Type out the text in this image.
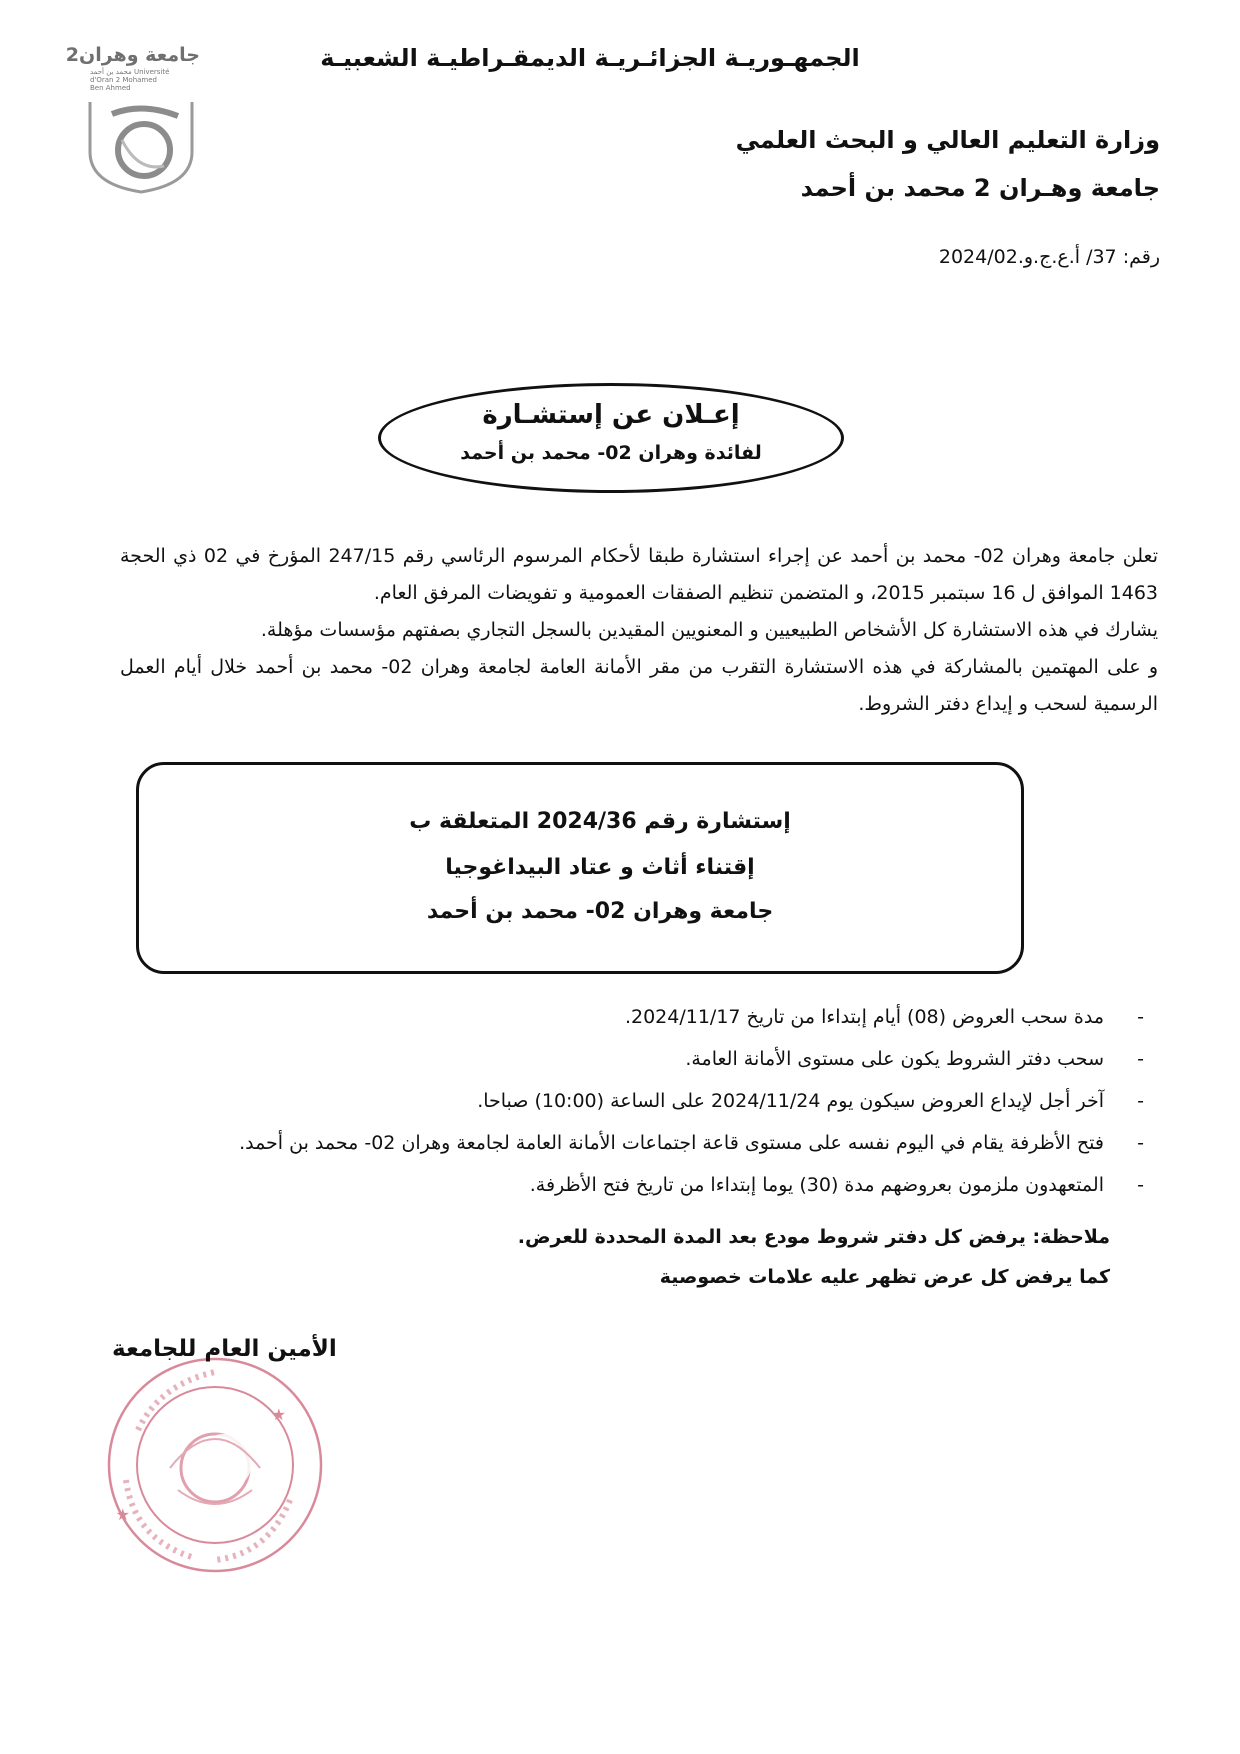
جامعة وهران2
محمد بن أحمد Université d'Oran 2 Mohamed Ben Ahmed
الجمهـوريـة الجزائـريـة الديمقـراطيـة الشعبيـة
وزارة التعليم العالي و البحث العلمي
جامعة وهـران 2 محمد بن أحمد
رقم: 37/ أ.ع.ج.و.2024/02
إعـلان عن إستشـارة
لفائدة وهران 02- محمد بن أحمد

تعلن جامعة وهران 02- محمد بن أحمد عن إجراء استشارة طبقا لأحكام المرسوم الرئاسي رقم 247/15 المؤرخ في 02 ذي الحجة 1463 الموافق ل 16 سبتمبر 2015، و المتضمن تنظيم الصفقات العمومية و تفويضات المرفق العام.

يشارك في هذه الاستشارة كل الأشخاص الطبيعيين و المعنويين المقيدين بالسجل التجاري بصفتهم مؤسسات مؤهلة.

و على المهتمين بالمشاركة في هذه الاستشارة التقرب من مقر الأمانة العامة لجامعة وهران 02- محمد بن أحمد خلال أيام العمل الرسمية لسحب و إيداع دفتر الشروط.

إستشارة رقم 2024/36 المتعلقة ب
إقتناء أثاث و عتاد البيداغوجيا
جامعة وهران 02- محمد بن أحمد
-
مدة سحب العروض (08) أيام إبتداءا من تاريخ 2024/11/17.
-
سحب دفتر الشروط يكون على مستوى الأمانة العامة.
-
آخر أجل لإيداع العروض سيكون يوم 2024/11/24 على الساعة (10:00) صباحا.
-
فتح الأظرفة يقام في اليوم نفسه على مستوى قاعة اجتماعات الأمانة العامة لجامعة وهران 02- محمد بن أحمد.
-
المتعهدون ملزمون بعروضهم مدة (30) يوما إبتداءا من تاريخ فتح الأظرفة.
ملاحظة: يرفض كل دفتر شروط مودع بعد المدة المحددة للعرض.
كما يرفض كل عرض تظهر عليه علامات خصوصية
★
★
الأمين العام للجامعة
